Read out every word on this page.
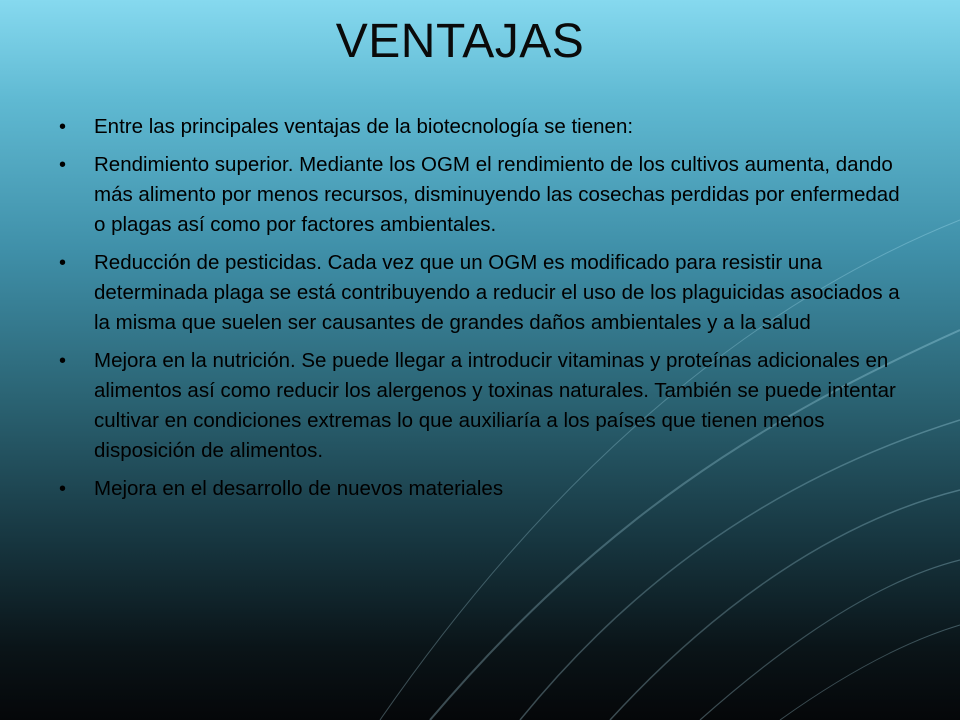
VENTAJAS
• Entre las principales ventajas de la biotecnología se tienen:
• Rendimiento superior. Mediante los OGM el rendimiento de los cultivos aumenta, dando más alimento por menos recursos, disminuyendo las cosechas perdidas por enfermedad o plagas así como por factores ambientales.
• Reducción de pesticidas. Cada vez que un OGM es modificado para resistir una determinada plaga se está contribuyendo a reducir el uso de los plaguicidas asociados a la misma que suelen ser causantes de grandes daños ambientales y a la salud
• Mejora en la nutrición. Se puede llegar a introducir vitaminas y proteínas adicionales en alimentos así como reducir los alergenos y toxinas naturales. También se puede intentar cultivar en condiciones extremas lo que auxiliaría a los países que tienen menos disposición de alimentos.
• Mejora en el desarrollo de nuevos materiales
